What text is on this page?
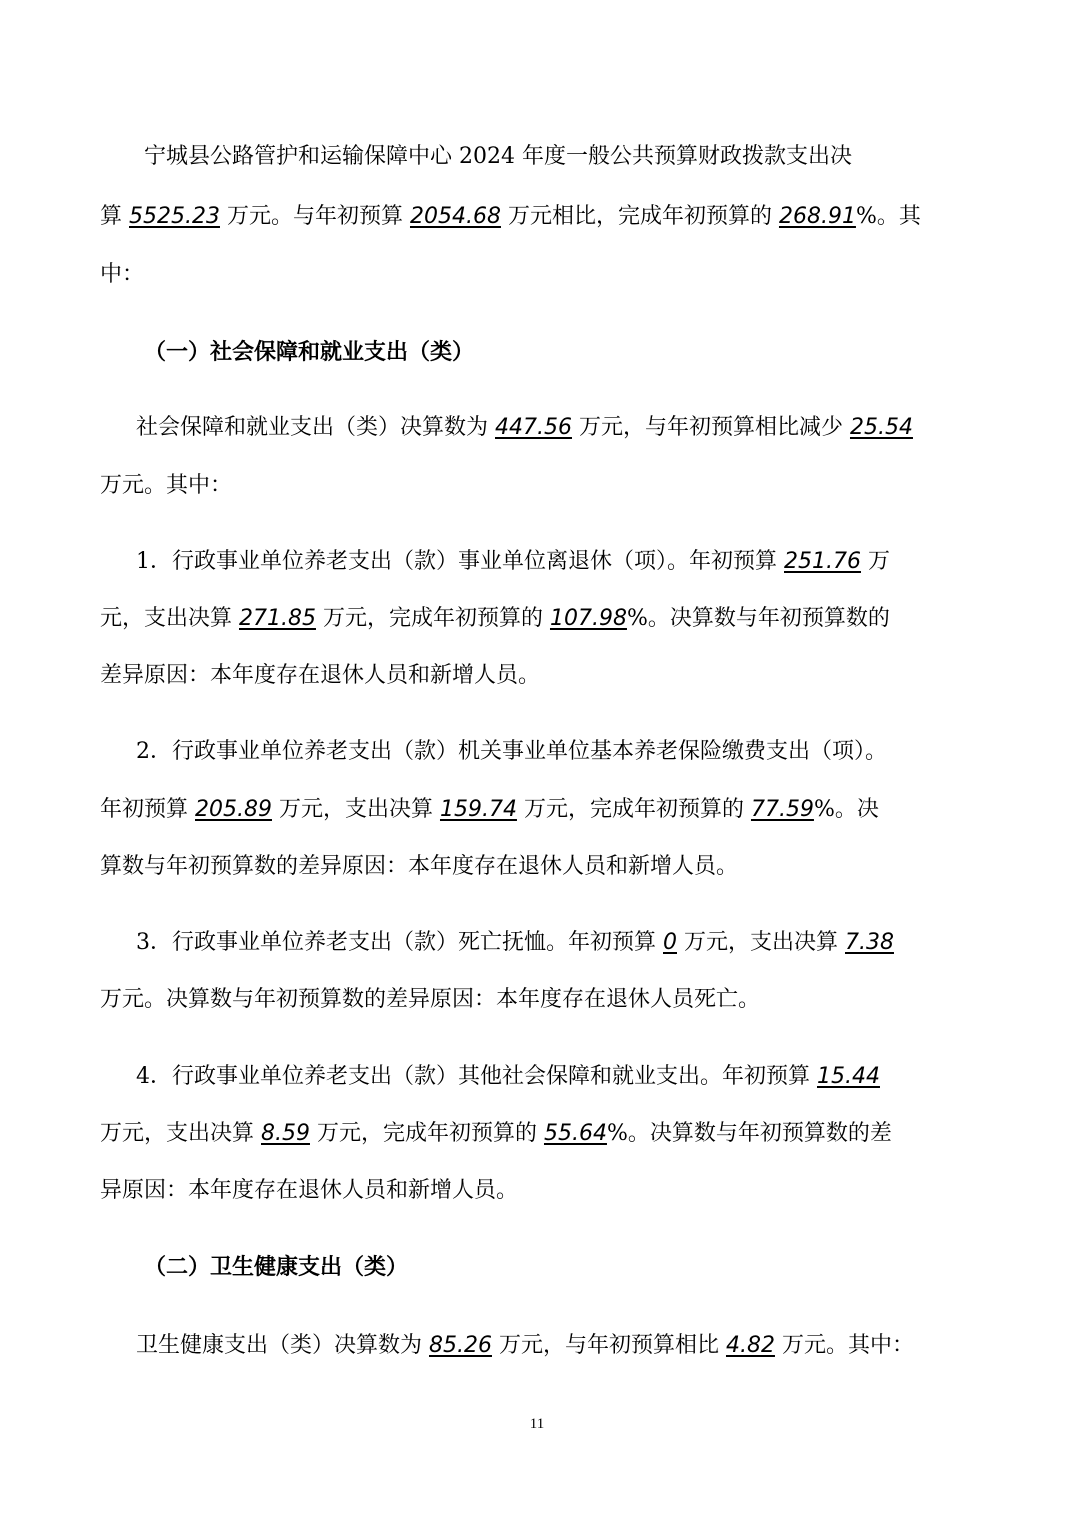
宁城县公路管护和运输保障中心 2024 年度一般公共预算财政拨款支出决

算 5525.23 万元。与年初预算 2054.68 万元相比，完成年初预算的 268.91%。其

中：

（一）社会保障和就业支出（类）

社会保障和就业支出（类）决算数为 447.56 万元，与年初预算相比减少 25.54

万元。其中：

1．行政事业单位养老支出（款）事业单位离退休（项）。年初预算 251.76 万

元，支出决算 271.85 万元，完成年初预算的 107.98%。决算数与年初预算数的

差异原因：本年度存在退休人员和新增人员。

2．行政事业单位养老支出（款）机关事业单位基本养老保险缴费支出（项）。

年初预算 205.89 万元，支出决算 159.74 万元，完成年初预算的 77.59%。决

算数与年初预算数的差异原因：本年度存在退休人员和新增人员。

3．行政事业单位养老支出（款）死亡抚恤。年初预算 0 万元，支出决算 7.38

万元。决算数与年初预算数的差异原因：本年度存在退休人员死亡。

4．行政事业单位养老支出（款）其他社会保障和就业支出。年初预算 15.44

万元，支出决算 8.59 万元，完成年初预算的 55.64%。决算数与年初预算数的差

异原因：本年度存在退休人员和新增人员。

（二）卫生健康支出（类）

卫生健康支出（类）决算数为 85.26 万元，与年初预算相比 4.82 万元。其中：

11
